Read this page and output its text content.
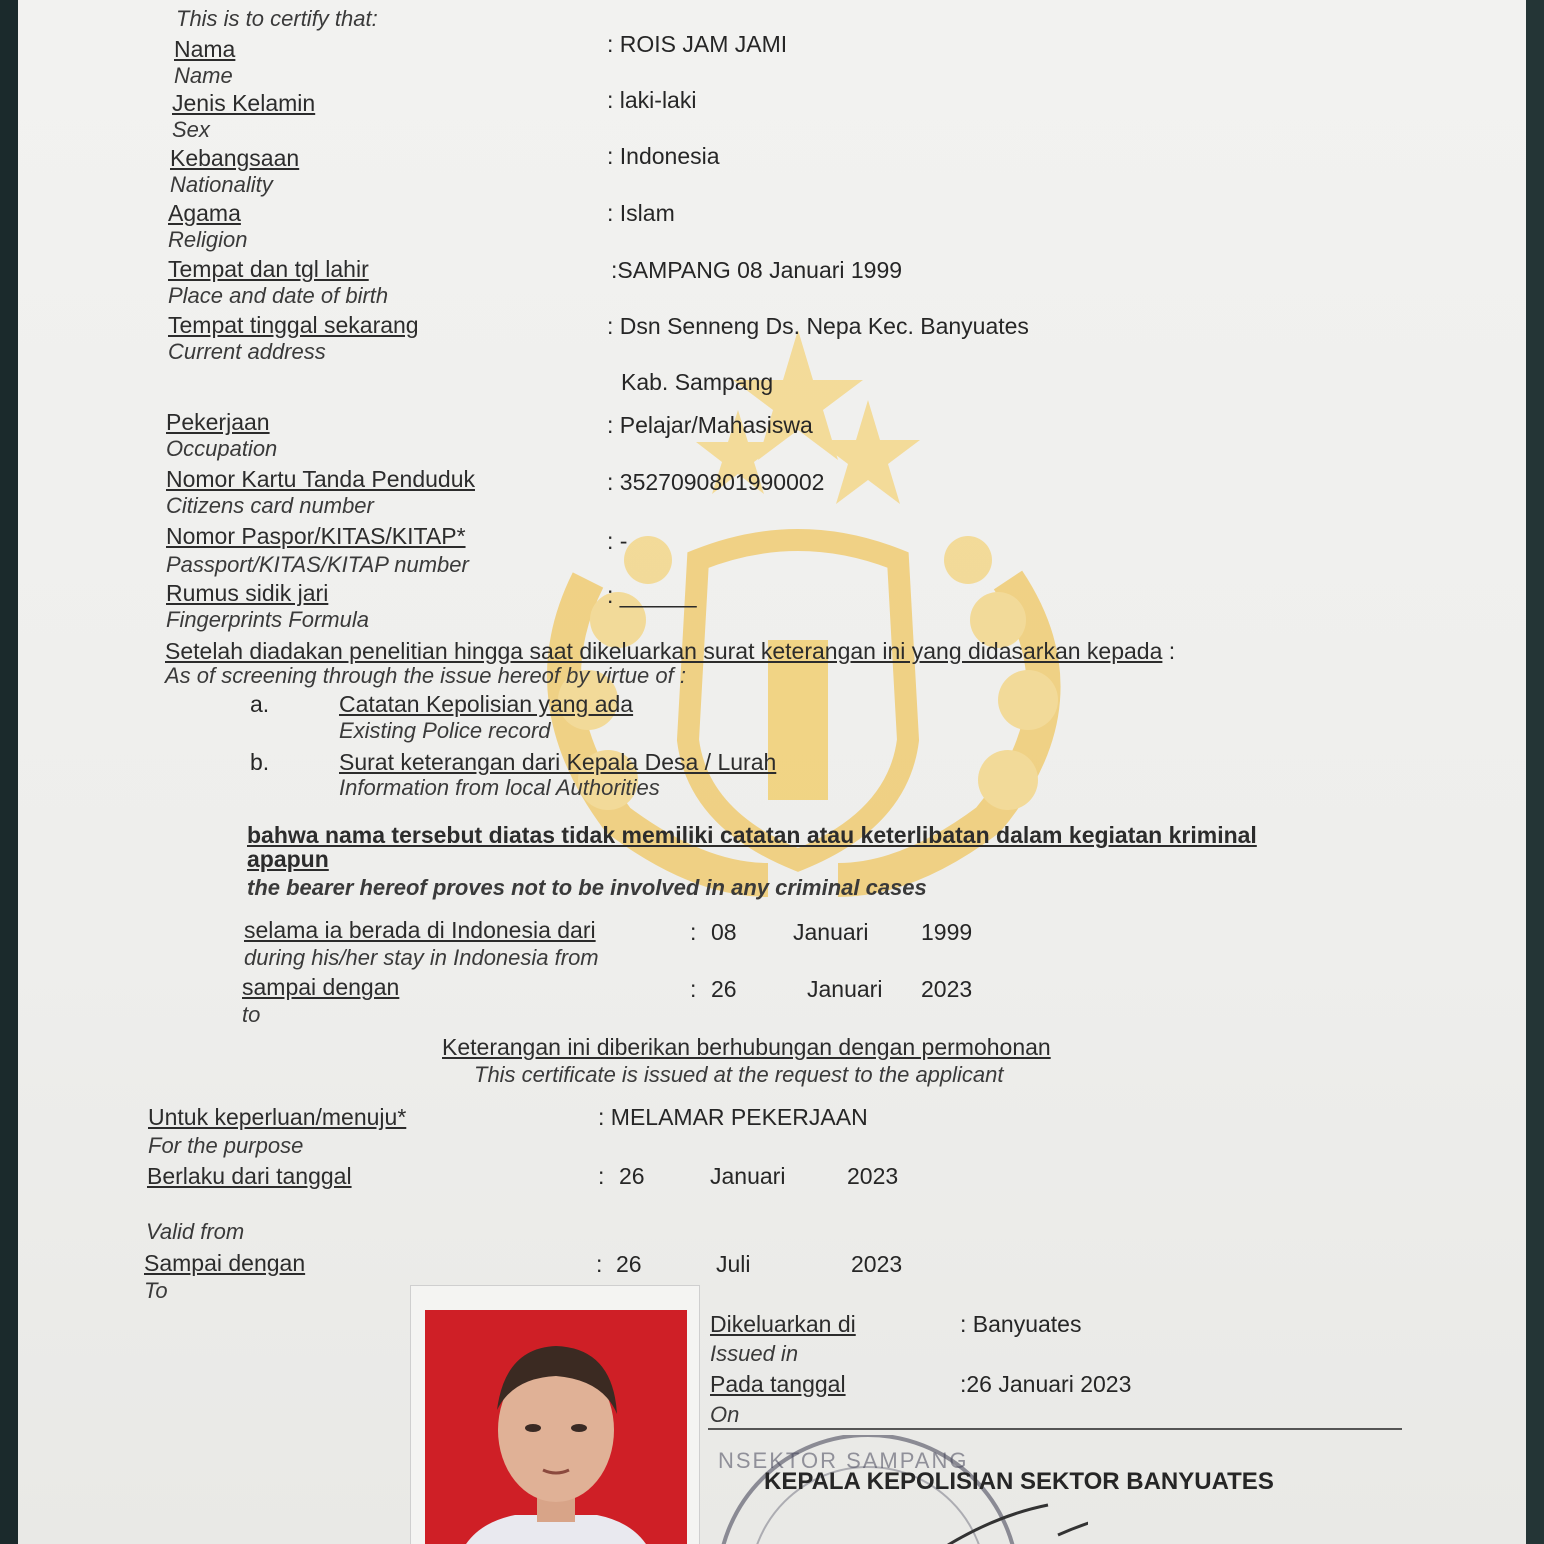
This is to certify that:
Nama
Name
: ROIS JAM JAMI
Jenis Kelamin
Sex
: laki-laki
Kebangsaan
Nationality
: Indonesia
Agama
Religion
: Islam
Tempat dan tgl lahir
Place and date of birth
:SAMPANG 08 Januari 1999
Tempat tinggal sekarang
Current address
: Dsn Senneng Ds. Nepa Kec. Banyuates
Kab. Sampang
Pekerjaan
Occupation
: Pelajar/Mahasiswa
Nomor Kartu Tanda Penduduk
Citizens card number
: 3527090801990002
Nomor Paspor/KITAS/KITAP*
Passport/KITAS/KITAP number
: -
Rumus sidik jari
Fingerprints Formula
: ______
Setelah diadakan penelitian hingga saat dikeluarkan surat keterangan ini yang didasarkan kepada :
As of screening through the issue hereof by virtue of :
a.	Catatan Kepolisian yang ada
Existing Police record
b.	Surat keterangan dari Kepala Desa / Lurah
Information from local Authorities
bahwa nama tersebut diatas tidak memiliki catatan atau keterlibatan dalam kegiatan kriminal
apapun
the bearer hereof proves not to be involved in any criminal cases
selama ia berada di Indonesia dari
during his/her stay in Indonesia from
: 08 Januari 1999
sampai dengan
to
: 26	Januari 2023
Keterangan ini diberikan berhubungan dengan permohonan
This certificate is issued at the request to the applicant
Untuk keperluan/menuju*
For the purpose
: MELAMAR PEKERJAAN
Berlaku dari tanggal
Valid from
: 26	Januari	2023
Sampai dengan
To
: 26	Juli	2023
Dikeluarkan di
Issued in
: Banyuates
Pada tanggal
On
:26 Januari 2023
NSEKTOR SAMPANG
KEPALA KEPOLISIAN SEKTOR BANYUATES
